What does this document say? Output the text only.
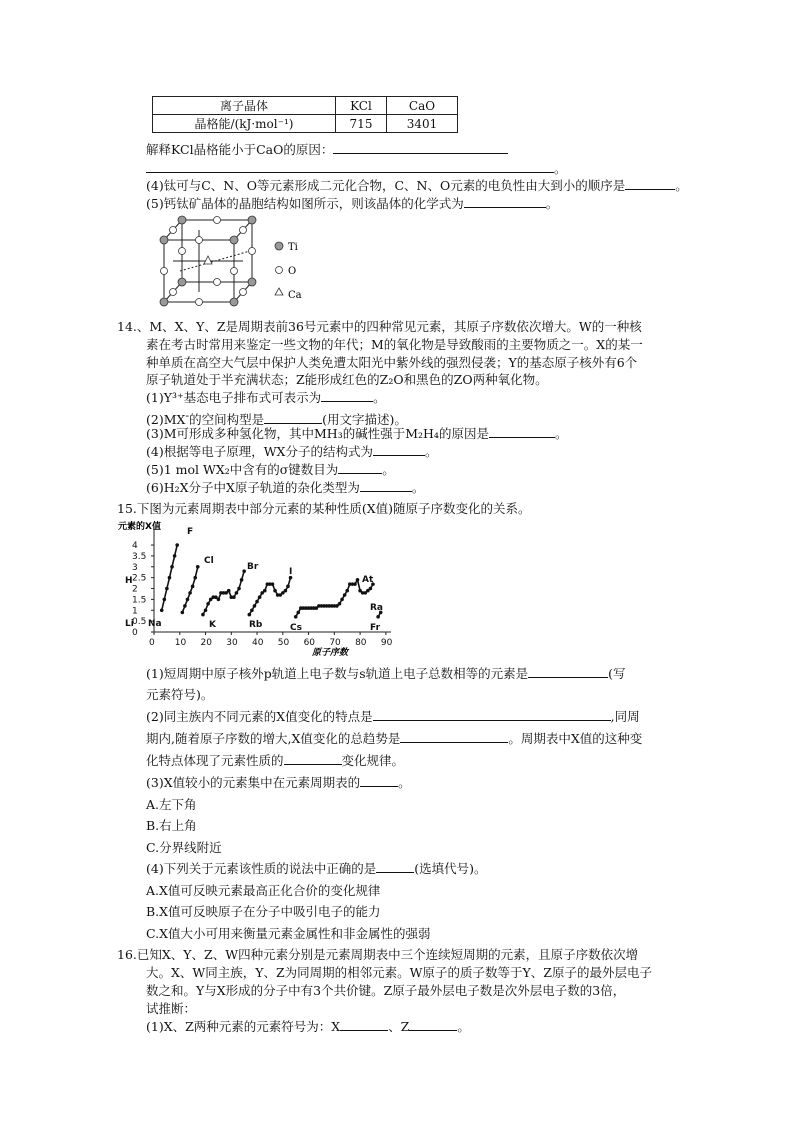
离子晶体	KCl	CaO
晶格能/(kJ·mol⁻¹)	715	3401
解释KCl晶格能小于CaO的原因：
。
(4)钛可与C、N、O等元素形成二元化合物，C、N、O元素的电负性由大到小的顺序是	。
(5)钙钛矿晶体的晶胞结构如图所示，则该晶体的化学式为	。
Ti
O
Ca
14.、M、X、Y、Z是周期表前36号元素中的四种常见元素，其原子序数依次增大。W的一种核
素在考古时常用来鉴定一些文物的年代；M的氧化物是导致酸雨的主要物质之一。X的某一
种单质在高空大气层中保护人类免遭太阳光中紫外线的强烈侵袭；Y的基态原子核外有6个
原子轨道处于半充满状态；Z能形成红色的Z₂O和黑色的ZO两种氧化物。
(1)Y³⁺基态电子排布式可表示为	。
(2)MX-的空间构型是	(用文字描述)。
(3)M可形成多种氢化物，其中MH₃的碱性强于M₂H₄的原因是	。
(4)根据等电子原理，WX分子的结构式为	。
(5)1 mol WX₂中含有的σ键数目为	。
(6)H₂X分子中X原子轨道的杂化类型为	。
15.下图为元素周期表中部分元素的某种性质(X值)随原子序数变化的关系。
元素的X值
原子序数
0 10 20 30 40 50 60 70 80 90
0
0.5
1
1.5
2
2.5
3
3.5
4
H
F
Li Na
Cl
K
Br
Rb
I
Cs
At
Ra
Fr
(1)短周期中原子核外p轨道上电子数与s轨道上电子总数相等的元素是	(写
元素符号)。
(2)同主族内不同元素的X值变化的特点是	,同周
期内,随着原子序数的增大,X值变化的总趋势是	。周期表中X值的这种变
化特点体现了元素性质的	变化规律。
(3)X值较小的元素集中在元素周期表的	。
A.左下角
B.右上角
C.分界线附近
(4)下列关于元素该性质的说法中正确的是	(选填代号)。
A.X值可反映元素最高正化合价的变化规律
B.X值可反映原子在分子中吸引电子的能力
C.X值大小可用来衡量元素金属性和非金属性的强弱
16.已知X、Y、Z、W四种元素分别是元素周期表中三个连续短周期的元素，且原子序数依次增
大。X、W同主族，Y、Z为同周期的相邻元素。W原子的质子数等于Y、Z原子的最外层电子
数之和。Y与X形成的分子中有3个共价键。Z原子最外层电子数是次外层电子数的3倍，
试推断：
(1)X、Z两种元素的元素符号为：X	、Z	。
